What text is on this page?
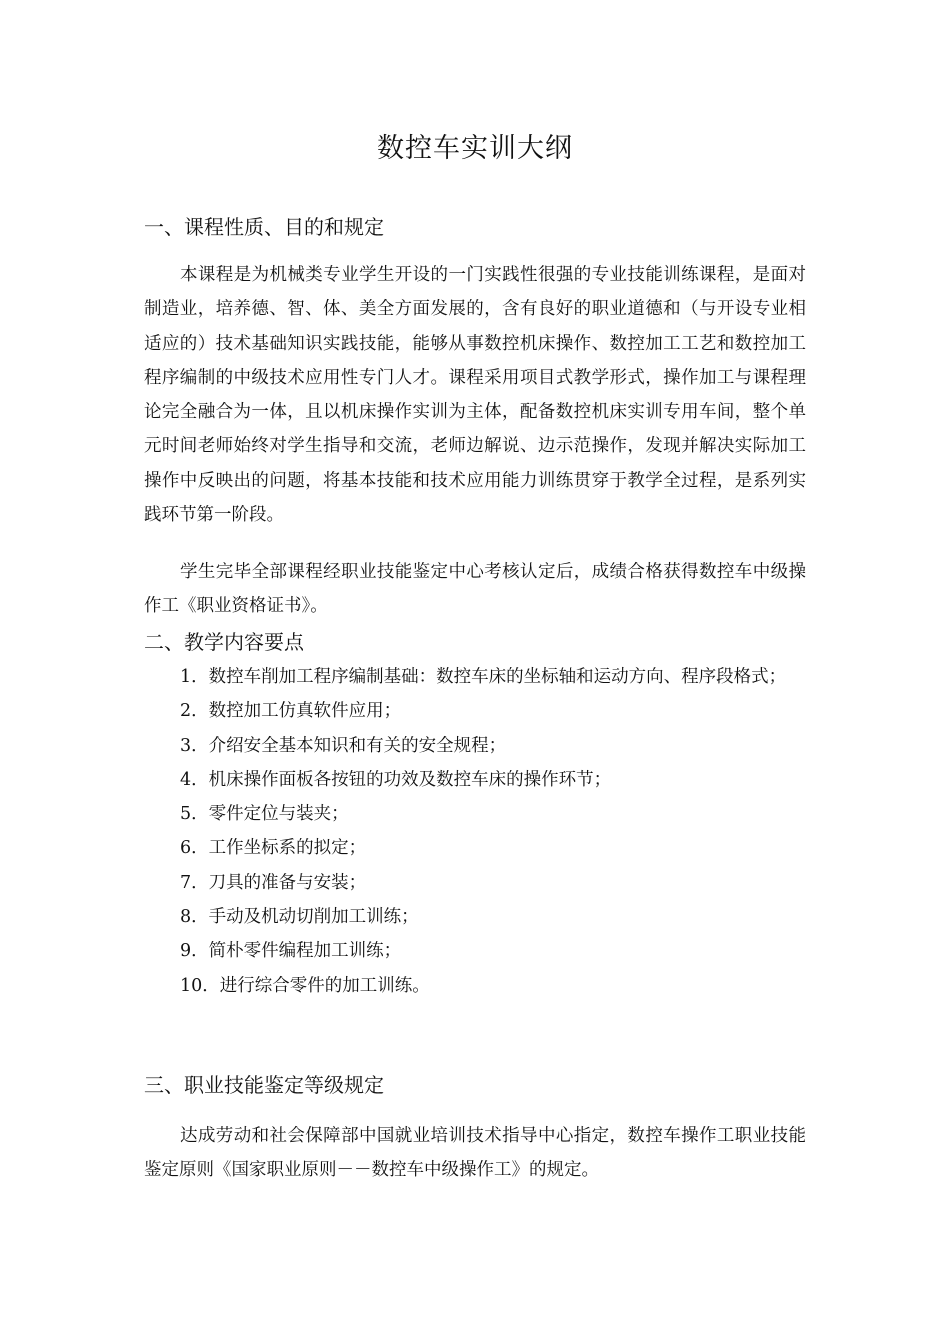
数控车实训大纲
一、课程性质、目的和规定

本课程是为机械类专业学生开设的一门实践性很强的专业技能训练课程，是面对制造业，培养德、智、体、美全方面发展的，含有良好的职业道德和（与开设专业相适应的）技术基础知识实践技能，能够从事数控机床操作、数控加工工艺和数控加工程序编制的中级技术应用性专门人才。课程采用项目式教学形式，操作加工与课程理论完全融合为一体，且以机床操作实训为主体，配备数控机床实训专用车间，整个单元时间老师始终对学生指导和交流，老师边解说、边示范操作，发现并解决实际加工操作中反映出的问题，将基本技能和技术应用能力训练贯穿于教学全过程，是系列实践环节第一阶段。

学生完毕全部课程经职业技能鉴定中心考核认定后，成绩合格获得数控车中级操作工《职业资格证书》。

二、教学内容要点
1．数控车削加工程序编制基础：数控车床的坐标轴和运动方向、程序段格式；
2．数控加工仿真软件应用；
3．介绍安全基本知识和有关的安全规程；
4．机床操作面板各按钮的功效及数控车床的操作环节；
5．零件定位与装夹；
6．工作坐标系的拟定；
7．刀具的准备与安装；
8．手动及机动切削加工训练；
9．简朴零件编程加工训练；
10．进行综合零件的加工训练。
三、职业技能鉴定等级规定

达成劳动和社会保障部中国就业培训技术指导中心指定，数控车操作工职业技能鉴定原则《国家职业原则－－数控车中级操作工》的规定。
